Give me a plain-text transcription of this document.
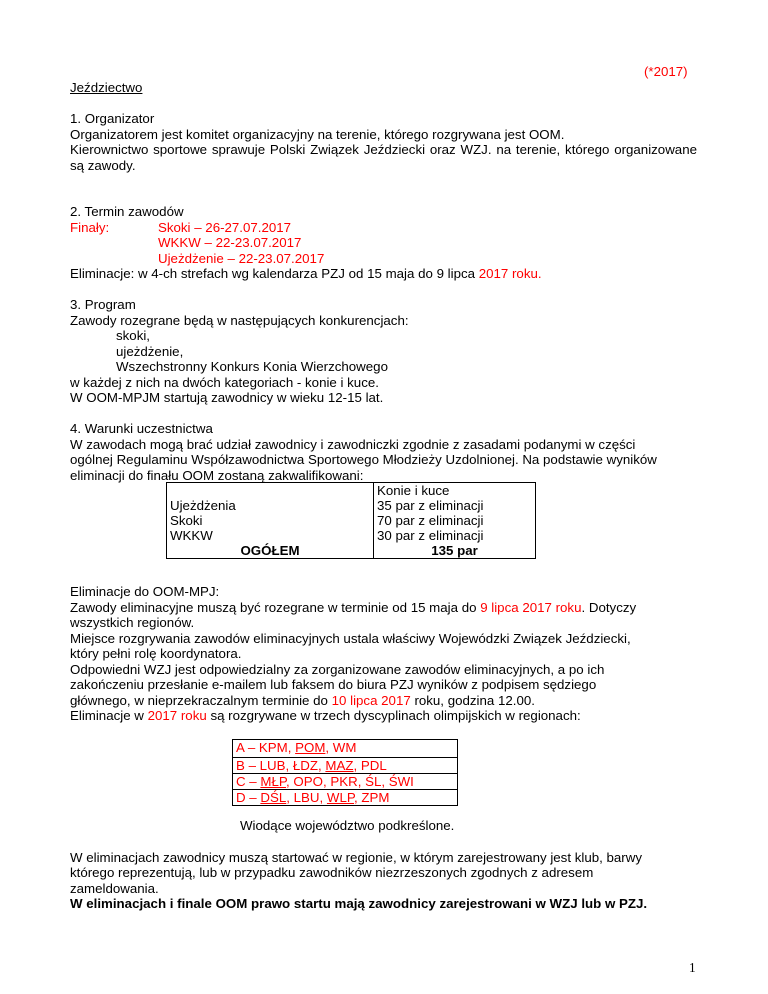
(*2017)
Jeździectwo
1. Organizator
Organizatorem jest komitet organizacyjny na terenie, którego rozgrywana jest OOM.
Kierownictwo sportowe sprawuje Polski Związek Jeździecki oraz WZJ. na terenie, którego organizowane są zawody.
2. Termin zawodów
Finały:	Skoki – 26-27.07.2017
WKKW – 22-23.07.2017
Ujeżdżenie – 22-23.07.2017
Eliminacje: w 4-ch strefach wg kalendarza PZJ od 15 maja do 9 lipca 2017 roku.
3. Program
Zawody rozegrane będą w następujących konkurencjach:
skoki,
ujeżdżenie,
Wszechstronny Konkurs Konia Wierzchowego
w każdej z nich na dwóch kategoriach - konie i kuce.
W OOM-MPJM startują zawodnicy w wieku 12-15 lat.
4. Warunki uczestnictwa
W zawodach mogą brać udział zawodnicy i zawodniczki zgodnie z zasadami podanymi w części
ogólnej Regulaminu Współzawodnictwa Sportowego Młodzieży Uzdolnionej. Na podstawie wyników
eliminacji do finału OOM zostaną zakwalifikowani:
	Konie i kuce
Ujeżdżenia	35 par z eliminacji
Skoki	70 par z eliminacji
WKKW	30 par z eliminacji
OGÓŁEM	135 par
Eliminacje do OOM-MPJ:
Zawody eliminacyjne muszą być rozegrane w terminie od 15 maja do 9 lipca 2017 roku. Dotyczy
wszystkich regionów.
Miejsce rozgrywania zawodów eliminacyjnych ustala właściwy Wojewódzki Związek Jeździecki,
który pełni rolę koordynatora.
Odpowiedni WZJ jest odpowiedzialny za zorganizowane zawodów eliminacyjnych, a po ich
zakończeniu przesłanie e-mailem lub faksem do biura PZJ wyników z podpisem sędziego
głównego, w nieprzekraczalnym terminie do 10 lipca 2017 roku, godzina 12.00.
Eliminacje w 2017 roku są rozgrywane w trzech dyscyplinach olimpijskich w regionach:
A – KPM, POM, WM
B – LUB, ŁDZ, MAZ, PDL
C – MŁP, OPO, PKR, ŚL, ŚWI
D – DŚL, LBU, WLP, ZPM
Wiodące województwo podkreślone.
W eliminacjach zawodnicy muszą startować w regionie, w którym zarejestrowany jest klub, barwy
którego reprezentują, lub w przypadku zawodników niezrzeszonych zgodnych z adresem
zameldowania.
W eliminacjach i finale OOM prawo startu mają zawodnicy zarejestrowani w WZJ lub w PZJ.
1
